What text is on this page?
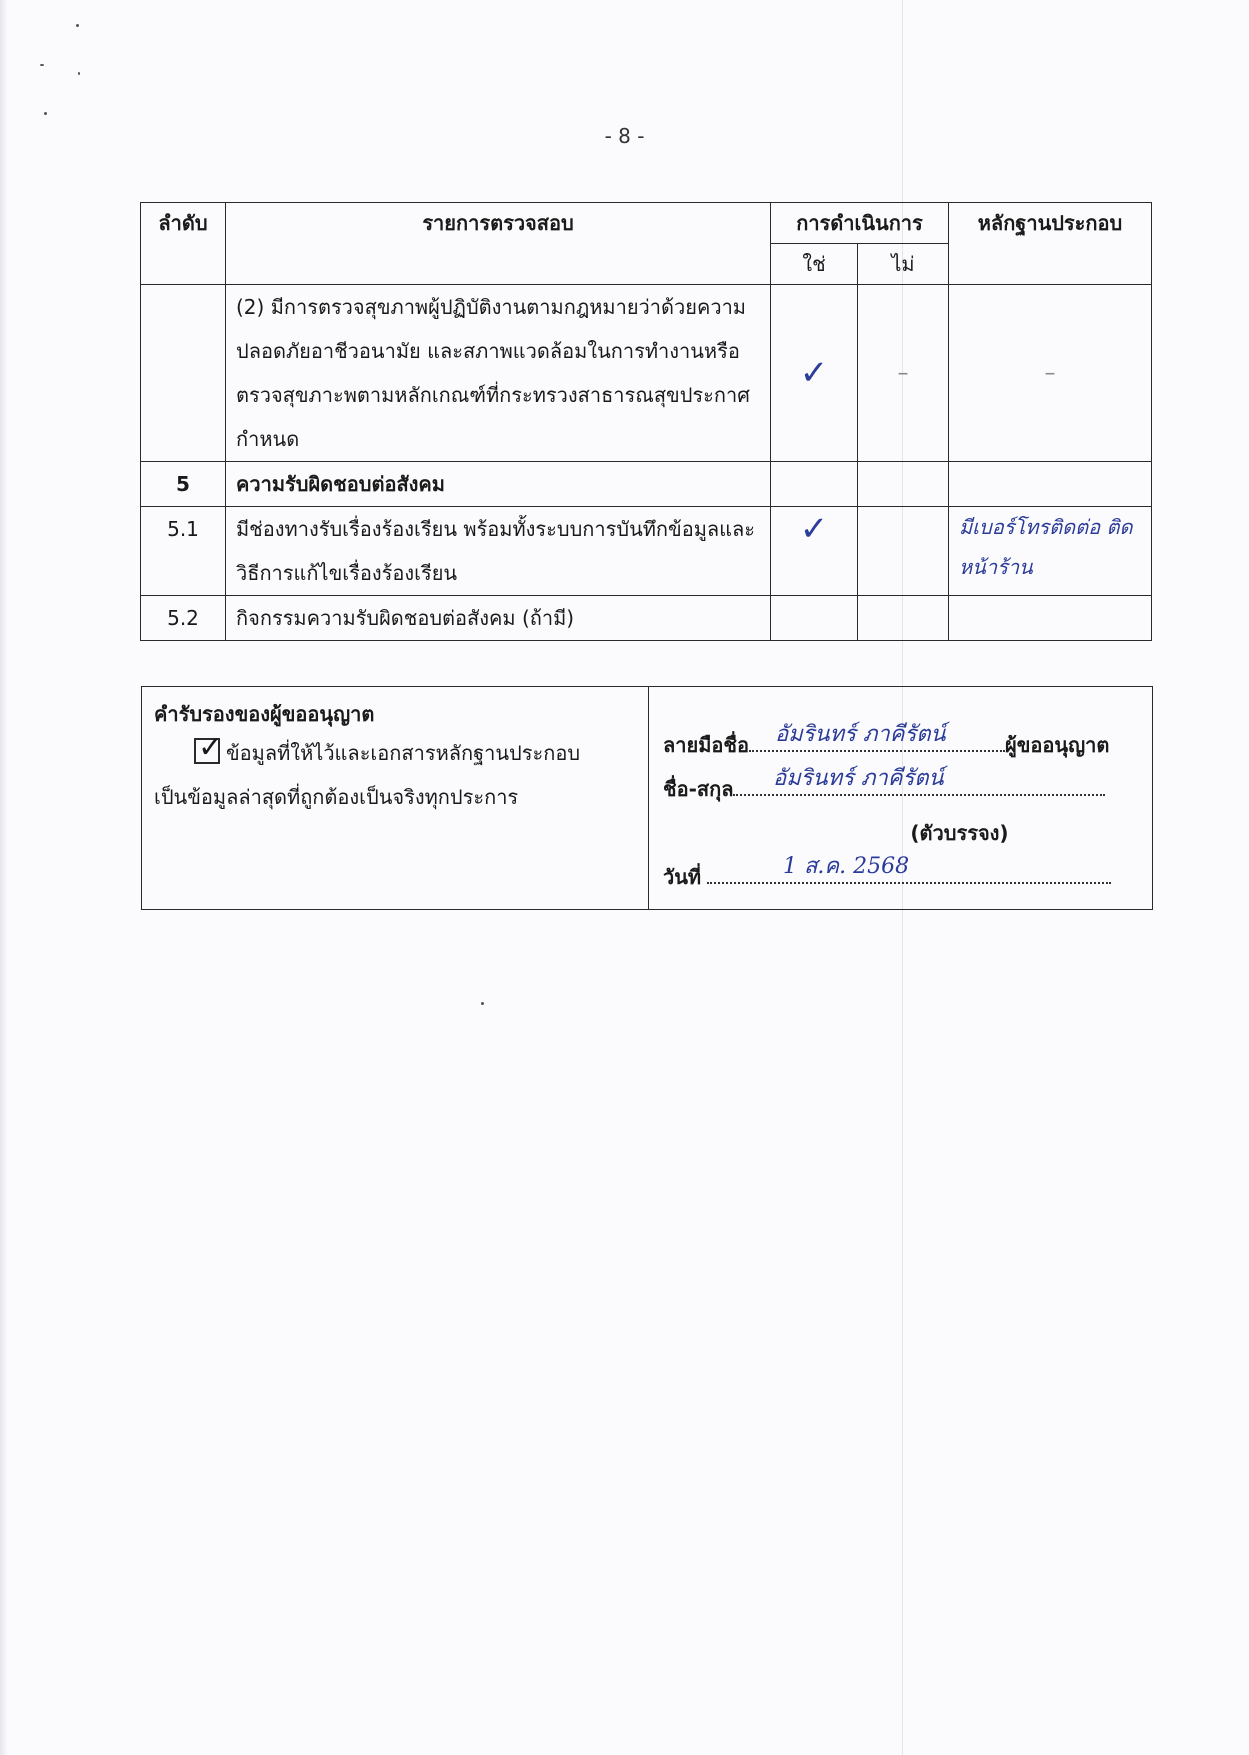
- 8 -
ลำดับ	รายการตรวจสอบ	การดำเนินการ		หลักฐานประกอบ
		ใช่	ไม่	
	(2) มีการตรวจสุขภาพผู้ปฏิบัติงานตามกฎหมายว่าด้วยความปลอดภัยอาชีวอนามัย และสภาพแวดล้อมในการทำงานหรือตรวจสุขภาะพตามหลักเกณฑ์ที่กระทรวงสาธารณสุขประกาศกำหนด	✓	–	–
5	ความรับผิดชอบต่อสังคม			
5.1	มีช่องทางรับเรื่องร้องเรียน พร้อมทั้งระบบการบันทึกข้อมูลและวิธีการแก้ไขเรื่องร้องเรียน	✓		มีเบอร์โทรติดต่อ ติดหน้าร้าน
5.2	กิจกรรมความรับผิดชอบต่อสังคม (ถ้ามี)			
คำรับรองของผู้ขออนุญาต
✓ ข้อมูลที่ให้ไว้และเอกสารหลักฐานประกอบ
เป็นข้อมูลล่าสุดที่ถูกต้องเป็นจริงทุกประการ
ลายมือชื่อ	ผู้ขออนุญาต
อัมรินทร์ ภาคีรัตน์
ชื่อ-สกุล อัมรินทร์ ภาคีรัตน์
(ตัวบรรจง)
วันที่	1 ส.ค. 2568
